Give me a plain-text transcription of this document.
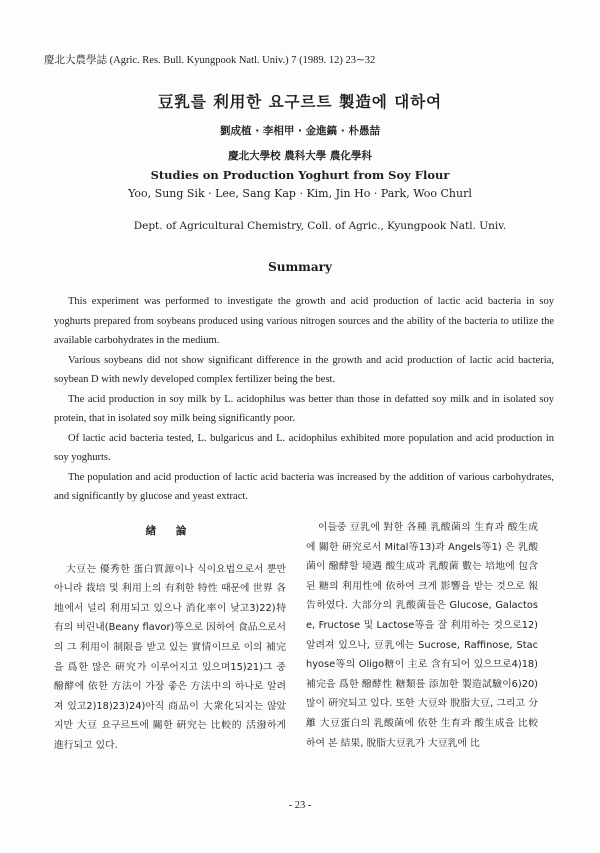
慶北大農學誌 (Agric. Res. Bull. Kyungpook Natl. Univ.) 7 (1989. 12) 23∼32
豆乳를 利用한 요구르트 製造에 대하여
劉成植 · 李相甲 · 金進鎬 · 朴愚喆
慶北大學校 農科大學 農化學科
Studies on Production Yoghurt from Soy Flour
Yoo, Sung Sik · Lee, Sang Kap · Kim, Jin Ho · Park, Woo Churl
Dept. of Agricultural Chemistry, Coll. of Agric., Kyungpook Natl. Univ.
Summary

This experiment was performed to investigate the growth and acid production of lactic acid bacteria in soy yoghurts prepared from soybeans produced using various nitrogen sources and the ability of the bacteria to utilize the available carbohydrates in the medium.

Various soybeans did not show significant difference in the growth and acid production of lactic acid bacteria, soybean D with newly developed complex fertilizer being the best.

The acid production in soy milk by L. acidophilus was better than those in defatted soy milk and in isolated soy protein, that in isolated soy milk being significantly poor.

Of lactic acid bacteria tested, L. bulgaricus and L. acidophilus exhibited more population and acid production in soy yoghurts.

The population and acid production of lactic acid bacteria was increased by the addition of various carbohydrates, and significantly by glucose and yeast extract.

緖 論

大豆는 優秀한 蛋白質源이나 식이요법으로서 뿐만 아니라 栽培 및 利用上의 有利한 特性 때문에 世界 各地에서 널리 利用되고 있으나 消化率이 낮고3)22)特有의 비린내(Beany flavor)等으로 因하여 食品으로서의 그 利用이 制限을 받고 있는 實情이므로 이의 補完을 爲한 많은 硏究가 이루어지고 있으며15)21)그 중 醱酵에 依한 方法이 가장 좋은 方法中의 하나로 알려져 있고2)18)23)24)아직 商品이 大衆化되지는 않았지만 大豆 요구르트에 關한 硏究는 比較的 活潑하게 進行되고 있다.

이들중 豆乳에 對한 各種 乳酸菌의 生育과 酸生成에 關한 硏究로서 Mital等13)과 Angels等1) 은 乳酸菌이 醱酵할 境遇 酸生成과 乳酸菌 數는 培地에 包含된 糖의 利用性에 依하여 크게 影響을 받는 것으로 報告하였다. 大部分의 乳酸菌들은 Glucose, Galactose, Fructose 및 Lactose等을 잘 利用하는 것으로12)알려져 있으나, 豆乳에는 Sucrose, Raffinose, Stachyose等의 Oligo糖이 主로 含有되어 있으므로4)18)補完을 爲한 醱酵性 糖類를 添加한 製造試驗이6)20)많이 硏究되고 있다. 또한 大豆와 脫脂大豆, 그리고 分離 大豆蛋白의 乳酸菌에 依한 生育과 酸生成을 比較하여 본 結果, 脫脂大豆乳가 大豆乳에 比

- 23 -
